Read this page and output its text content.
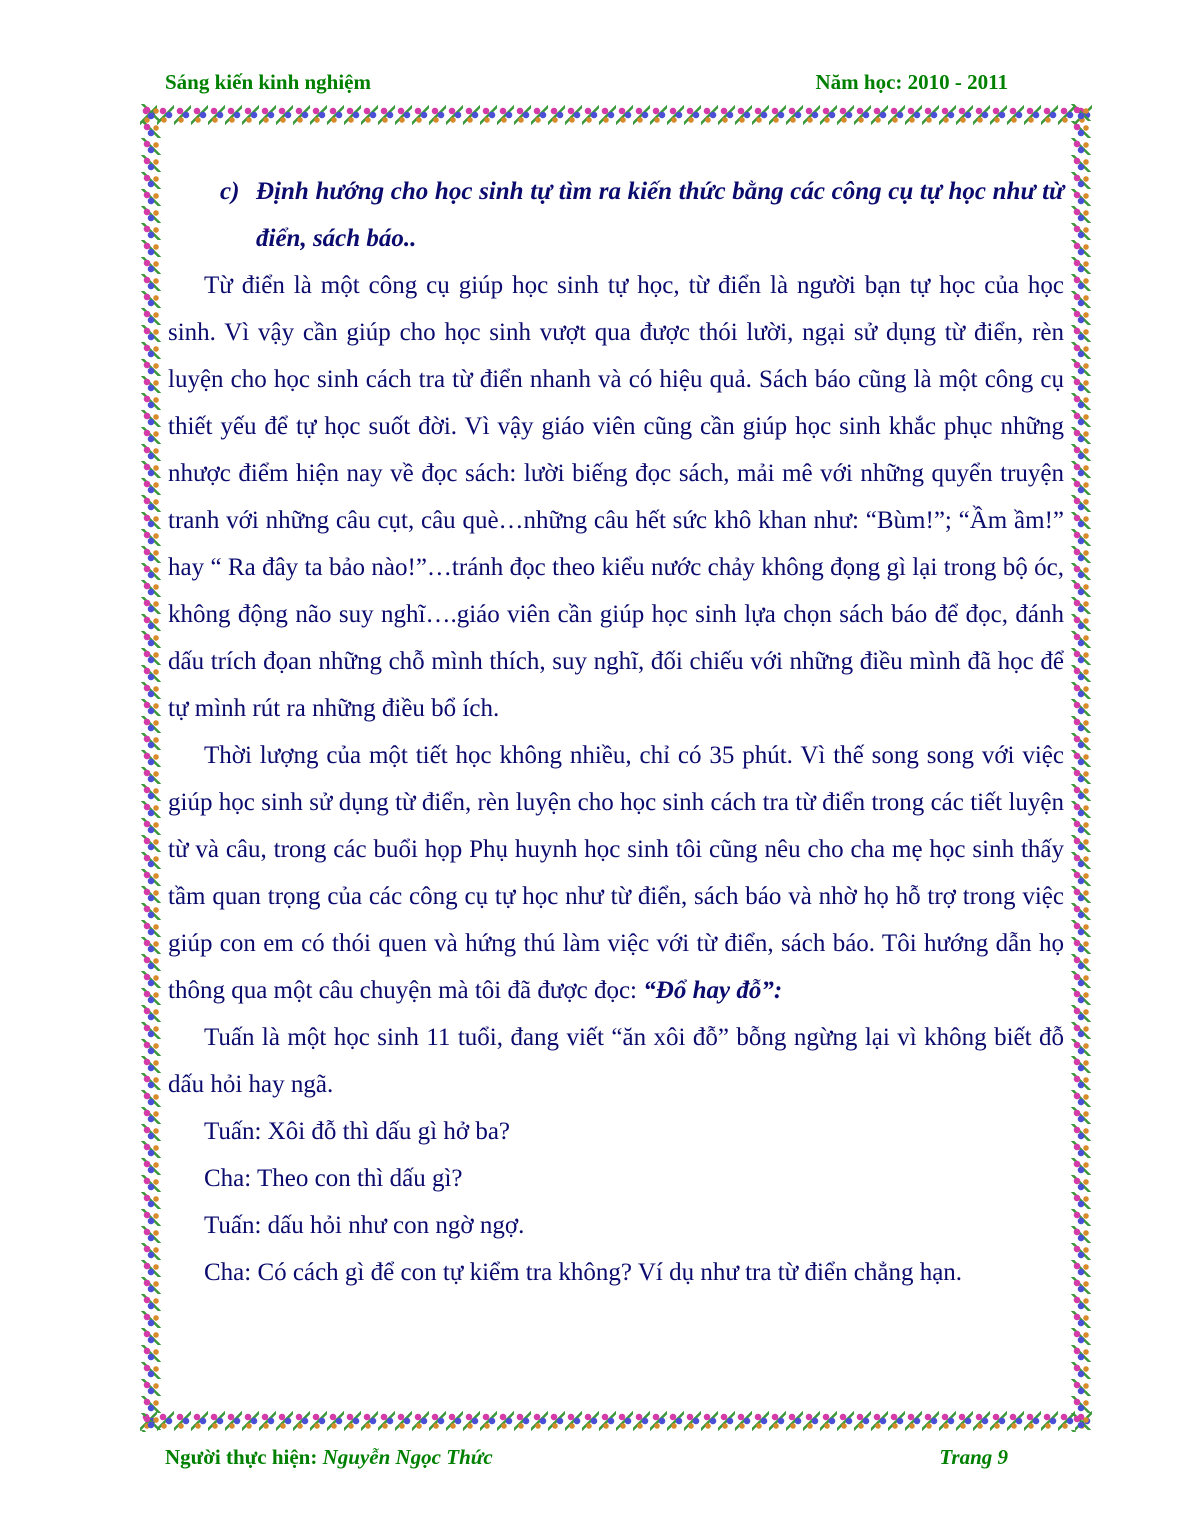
Sáng kiến kinh nghiệm	Năm học: 2010 - 2011

c) Định hướng cho học sinh tự tìm ra kiến thức bằng các công cụ tự học như từ điển, sách báo..

Từ điển là một công cụ giúp học sinh tự học, từ điển là người bạn tự học của học sinh. Vì vậy cần giúp cho học sinh vượt qua được thói lười, ngại sử dụng từ điển, rèn luyện cho học sinh cách tra từ điển nhanh và có hiệu quả. Sách báo cũng là một công cụ thiết yếu để tự học suốt đời. Vì vậy giáo viên cũng cần giúp học sinh khắc phục những nhược điểm hiện nay về đọc sách: lười biếng đọc sách, mải mê với những quyển truyện tranh với những câu cụt, câu què…những câu hết sức khô khan như: “Bùm!”; “Ầm ầm!” hay “ Ra đây ta bảo nào!”…tránh đọc theo kiểu nước chảy không đọng gì lại trong bộ óc, không động não suy nghĩ….giáo viên cần giúp học sinh lựa chọn sách báo để đọc, đánh dấu trích đọan những chỗ mình thích, suy nghĩ, đối chiếu với những điều mình đã học để tự mình rút ra những điều bổ ích.

Thời lượng của một tiết học không nhiều, chỉ có 35 phút. Vì thế song song với việc giúp học sinh sử dụng từ điển, rèn luyện cho học sinh cách tra từ điển trong các tiết luyện từ và câu, trong các buổi họp Phụ huynh học sinh tôi cũng nêu cho cha mẹ học sinh thấy tầm quan trọng của các công cụ tự học như từ điển, sách báo và nhờ họ hỗ trợ trong việc giúp con em có thói quen và hứng thú làm việc với từ điển, sách báo. Tôi hướng dẫn họ thông qua một câu chuyện mà tôi đã được đọc: “Đổ hay đỗ”:

Tuấn là một học sinh 11 tuổi, đang viết “ăn xôi đỗ” bỗng ngừng lại vì không biết đỗ dấu hỏi hay ngã.

Tuấn: Xôi đỗ thì dấu gì hở ba?

Cha: Theo con thì dấu gì?

Tuấn: dấu hỏi như con ngờ ngợ.

Cha: Có cách gì để con tự kiểm tra không? Ví dụ như tra từ điển chẳng hạn.

Người thực hiện: Nguyễn Ngọc Thức	Trang 9
